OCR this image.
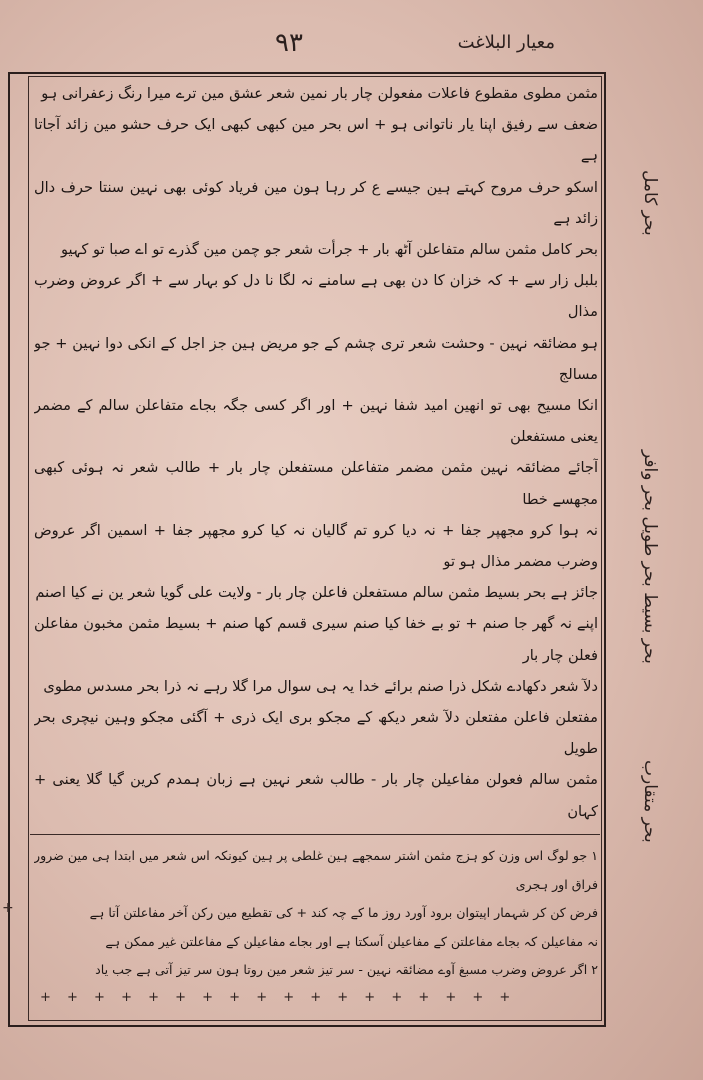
٩٣	معیار البلاغت

مثمن مطوی مقطوع فاعلات مفعولن چار بار نمین شعر عشق مین ترے میرا رنگ زعفرانی ہو

ضعف سے رفیق اپنا یار ناتوانی ہو + اس بحر مین کبھی کبھی ایک حرف حشو مین زائد آجاتا ہے

اسکو حرف مروح کہتے ہین جیسے ع کر رہا ہون مین فریاد کوئی بھی نہین سنتا حرف دال زائد ہے

بحر کامل مثمن سالم متفاعلن آٹھ بار + جرأت شعر جو چمن مین گذرے تو اے صبا تو کہیو

بلبل زار سے + کہ خزان کا دن بھی ہے سامنے نہ لگا نا دل کو بہار سے + اگر عروض وضرب مذال

ہو مضائقہ نہین - وحشت شعر تری چشم کے جو مریض ہین جز اجل کے انکی دوا نہین + جو مسالج

انکا مسیح بھی تو انھین امید شفا نہین + اور اگر کسی جگہ بجاے متفاعلن سالم کے مضمر یعنی مستفعلن

آجائے مضائقہ نہین مثمن مضمر متفاعلن مستفعلن چار بار + طالب شعر نہ ہوئی کبھی مجھسے خطا

نہ ہوا کرو مجھپر جفا + نہ دیا کرو تم گالیان نہ کیا کرو مجھپر جفا + اسمین اگر عروض وضرب مضمر مذال ہو تو

جائز ہے بحر بسیط مثمن سالم مستفعلن فاعلن چار بار - ولایت علی گویا شعر ین نے کیا اصنم

اپنے نہ گھر جا صنم + تو بے خفا کیا صنم سیری قسم کھا صنم + بسیط مثمن مخبون مفاعلن فعلن چار بار

دلآ شعر دکھادے شکل ذرا صنم برائے خدا یہ ہی سوال مرا گلا رہے نہ ذرا بحر مسدس مطوی

مفتعلن فاعلن مفتعلن دلآ شعر دیکھ کے مجکو بری ایک ذری + آگئی مجکو وہین نیچری بحر طویل

مثمن سالم فعولن مفاعیلن چار بار - طالب شعر نہین ہے زبان ہمدم کرین گیا گلا یعنی + کہان

١ جو لوگ اس وزن کو ہزج مثمن اشتر سمجھے ہین غلطی پر ہین کیونکہ اس شعر میں ابتدا ہی مین ضرور فراق اور ہجری

فرض کن کر شہمار اپیتوان برود آورد روز ما کے چہ کند + کی تقطیع مین رکن آخر مفاعلتن آتا ہے

نہ مفاعیلن کہ بجاے مفاعلتن کے مفاعیلن آسکتا ہے اور بجاے مفاعیلن کے مفاعلتن غیر ممکن ہے

٢ اگر عروض وضرب مسبغ آوے مضائقہ نہین - سر تیز شعر مین روتا ہون سر تیز آتی ہے جب یاد

+ + + + + + + + + + + + + + + + + +
بحر کامل
بحر بسیط بحر طویل بحر وافر
بحر متقارب
+
